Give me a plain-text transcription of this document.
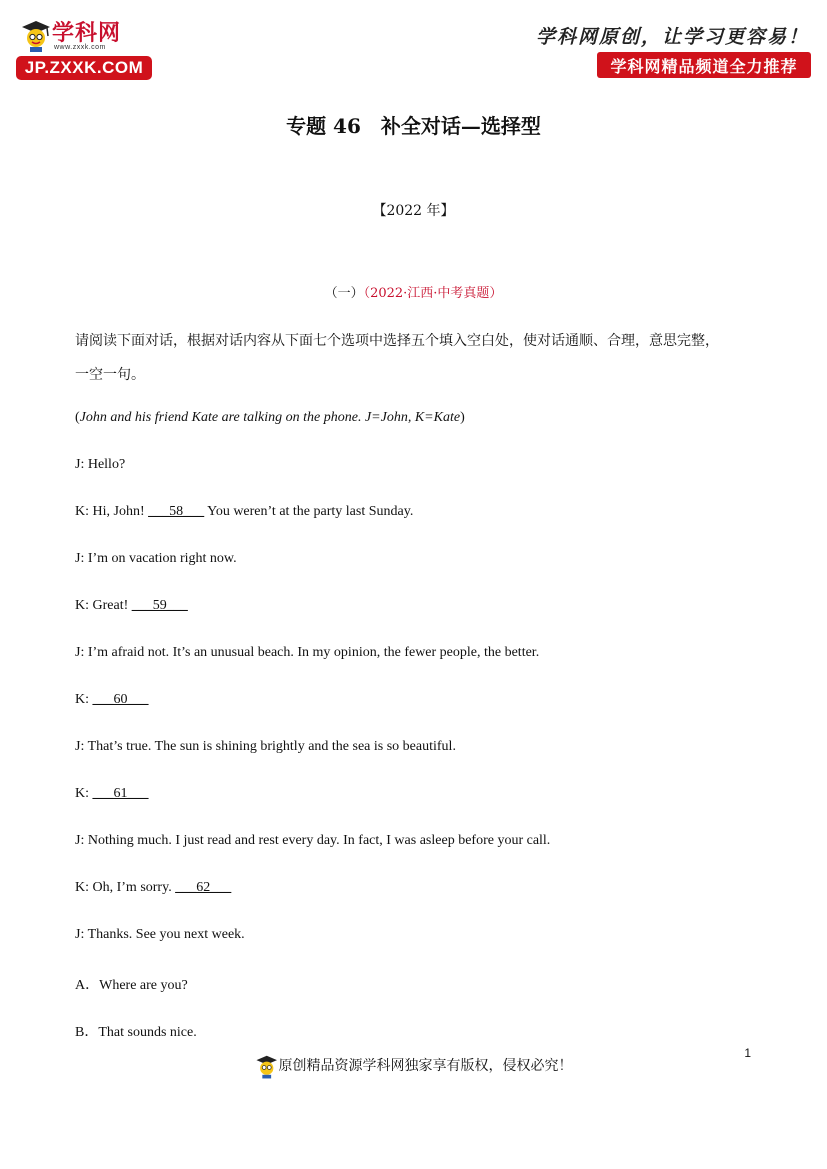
学科网
www.zxxk.com
JP.ZXXK.COM
学科网原创，让学习更容易！
学科网精品频道全力推荐
专题 46　补全对话—选择型
【2022 年】
（一）（2022·江西·中考真题）
请阅读下面对话，根据对话内容从下面七个选项中选择五个填入空白处，使对话通顺、合理，意思完整，
一空一句。
(John and his friend Kate are talking on the phone. J=John, K=Kate)
J: Hello?
K: Hi, John! ___58___ You weren’t at the party last Sunday.
J: I’m on vacation right now.
K: Great! ___59___
J: I’m afraid not. It’s an unusual beach. In my opinion, the fewer people, the better.
K: ___60___
J: That’s true. The sun is shining brightly and the sea is so beautiful.
K: ___61___
J: Nothing much. I just read and rest every day. In fact, I was asleep before your call.
K: Oh, I’m sorry. ___62___
J: Thanks. See you next week.
A．Where are you?
B．That sounds nice.
1
原创精品资源学科网独家享有版权，侵权必究！
